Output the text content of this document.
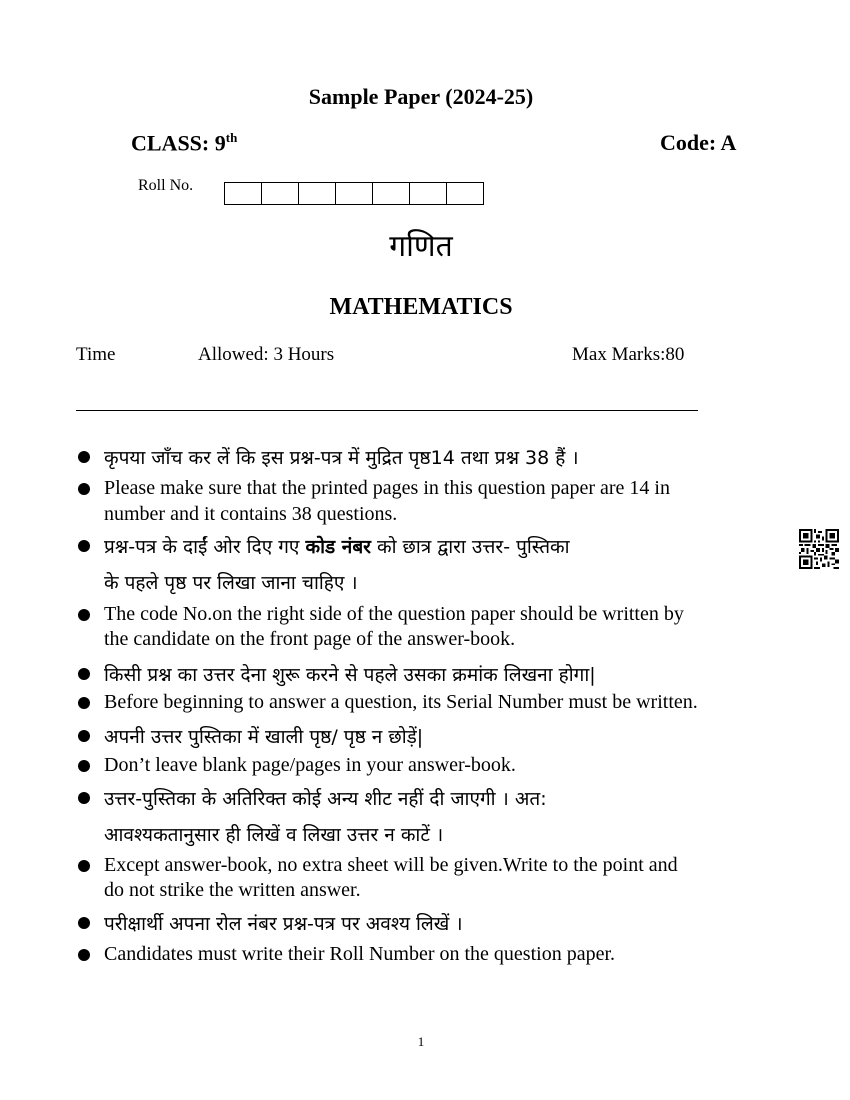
Sample Paper (2024-25)
CLASS: 9th	Code: A
Roll No.
गणित
MATHEMATICS
Time	Allowed: 3 Hours	Max Marks:80
कृपया जाँच कर लें कि इस प्रश्न-पत्र में मुद्रित पृष्ठ14 तथा प्रश्न 38 हैं ।
Please make sure that the printed pages in this question paper are 14 in
number and it contains 38 questions.
प्रश्न-पत्र के दाईं ओर दिए गए कोड नंबर को छात्र द्वारा उत्तर- पुस्तिका
के पहले पृष्ठ पर लिखा जाना चाहिए ।
The code No.on the right side of the question paper should be written by
the candidate on the front page of the answer-book.
किसी प्रश्न का उत्तर देना शुरू करने से पहले उसका क्रमांक लिखना होगा|
Before beginning to answer a question, its Serial Number must be written.
अपनी उत्तर पुस्तिका में खाली पृष्ठ/ पृष्ठ न छोड़ें|
Don’t leave blank page/pages in your answer-book.
उत्तर-पुस्तिका के अतिरिक्त कोई अन्य शीट नहीं दी जाएगी । अत:
आवश्यकतानुसार ही लिखें व लिखा उत्तर न काटें ।
Except answer-book, no extra sheet will be given.Write to the point and
do not strike the written answer.
परीक्षार्थी अपना रोल नंबर प्रश्न-पत्र पर अवश्य लिखें ।
Candidates must write their Roll Number on the question paper.
1
